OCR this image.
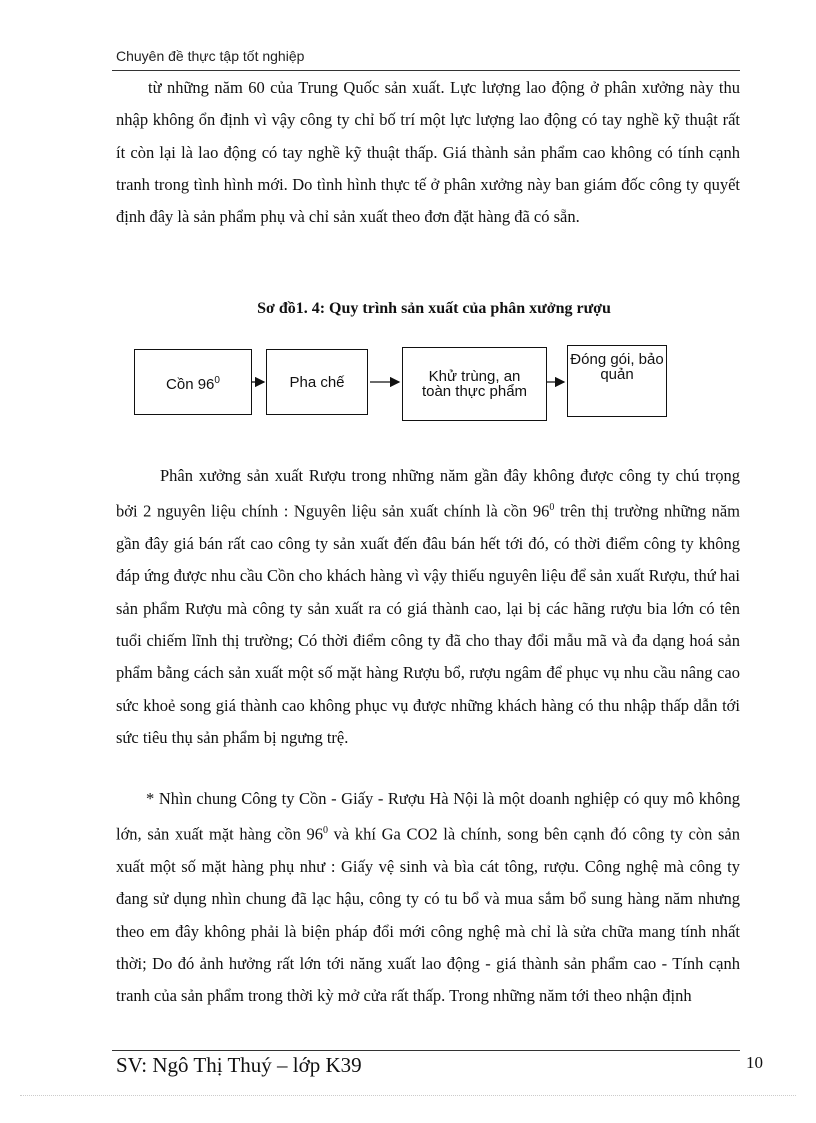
Chuyên đề thực tập tốt nghiệp

từ những năm 60 của Trung Quốc sản xuất. Lực lượng lao động ở phân xưởng này thu nhập không ổn định vì vậy công ty chỉ bố trí một lực lượng lao động có tay nghề kỹ thuật rất ít còn lại là lao động có tay nghề kỹ thuật thấp. Giá thành sản phẩm cao không có tính cạnh tranh trong tình hình mới. Do tình hình thực tế ở phân xưởng này ban giám đốc công ty quyết định đây là sản phẩm phụ và chỉ sản xuất theo đơn đặt hàng đã có sẵn.

Sơ đồ1. 4: Quy trình sản xuất của phân xưởng rượu
Cồn $96^0$	Pha chế	Khử trùng, an toàn thực phẩm
Đóng gói, bảo quản

Phân xưởng sản xuất Rượu trong những năm gần đây không được công ty chú trọng bởi 2 nguyên liệu chính : Nguyên liệu sản xuất chính là cồn $96^0$ trên thị trường những năm gần đây giá bán rất cao công ty sản xuất đến đâu bán hết tới đó, có thời điểm công ty không đáp ứng được nhu cầu Cồn cho khách hàng vì vậy thiếu nguyên liệu để sản xuất Rượu, thứ hai sản phẩm Rượu mà công ty sản xuất ra có giá thành cao, lại bị các hãng rượu bia lớn có tên tuổi chiếm lĩnh thị trường; Có thời điểm công ty đã cho thay đổi mẫu mã và đa dạng hoá sản phẩm bằng cách sản xuất một số mặt hàng Rượu bổ, rượu ngâm để phục vụ nhu cầu nâng cao sức khoẻ song giá thành cao không phục vụ được những khách hàng có thu nhập thấp dẫn tới sức tiêu thụ sản phẩm bị ngưng trệ.

* Nhìn chung Công ty Cồn - Giấy - Rượu Hà Nội là một doanh nghiệp có quy mô không lớn, sản xuất mặt hàng cồn $96^0$ và khí Ga CO2 là chính, song bên cạnh đó công ty còn sản xuất một số mặt hàng phụ như : Giấy vệ sinh và bìa cát tông, rượu. Công nghệ mà công ty đang sử dụng nhìn chung đã lạc hậu, công ty có tu bổ và mua sắm bổ sung hàng năm nhưng theo em đây không phải là biện pháp đổi mới công nghệ mà chỉ là sửa chữa mang tính nhất thời; Do đó ảnh hưởng rất lớn tới năng xuất lao động - giá thành sản phẩm cao - Tính cạnh tranh của sản phẩm trong thời kỳ mở cửa rất thấp. Trong những năm tới theo nhận định

SV: Ngô Thị Thuý – lớp K39	10
